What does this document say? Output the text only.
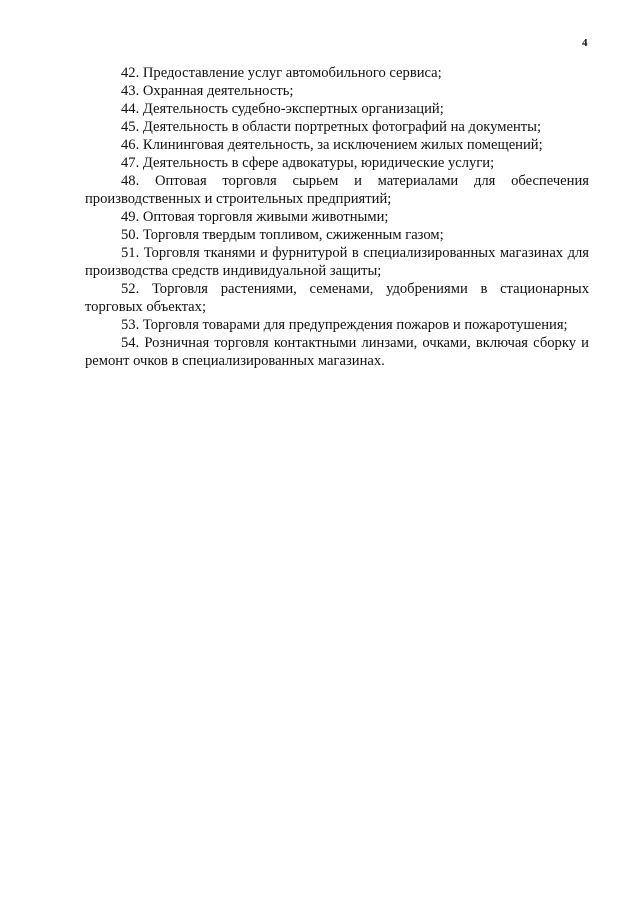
4

42. Предоставление услуг автомобильного сервиса;

43. Охранная деятельность;

44. Деятельность судебно-экспертных организаций;

45. Деятельность в области портретных фотографий на документы;

46. Клининговая деятельность, за исключением жилых помещений;

47. Деятельность в сфере адвокатуры, юридические услуги;

48. Оптовая торговля сырьем и материалами для обеспечения производственных и строительных предприятий;

49. Оптовая торговля живыми животными;

50. Торговля твердым топливом, сжиженным газом;

51. Торговля тканями и фурнитурой в специализированных магазинах для производства средств индивидуальной защиты;

52. Торговля растениями, семенами, удобрениями в стационарных торговых объектах;

53. Торговля товарами для предупреждения пожаров и пожаротушения;

54. Розничная торговля контактными линзами, очками, включая сборку и ремонт очков в специализированных магазинах.
